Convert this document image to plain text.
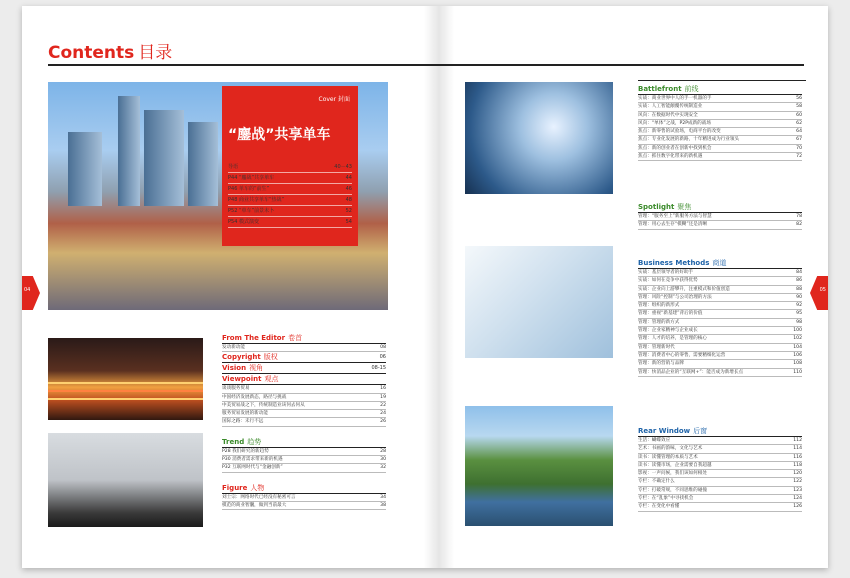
04	05
Contents 目录
Cover 封面
“鏖战”共享单车
导语	40－43
P44 “鏖战”共享单车	44
P46 单车的“前生”	46
P48 商业共享单车“热战”	48
P52 “单车”前景未卜	52
P54 模式演变	54
From The Editor 卷首
发动新动能	08
Copyright 版权	06
Vision 视角	08-15
Viewpoint 观点
谈谈服务贸易	16
中国经济发展新态，路径与挑战	19
中美贸易战之下，传统制造业该何去何从	22
服务贸易发展的新动能	24
国际之路：未行不远	26
Trend 趋势
P28 我们研究的新趋势	28
P30 消费者需求带来新的机遇	30
P32 互联网时代与“金融创新”	32
Figure 人物
刘士宗：网络时代已经没有秘密可言	34
模范的商业智囊，做到当前最大	38
Battlefront 前线
实战：商业世界中人的手一机器的手	56
实战：人工智能颠覆传统制造业	58
风向：在数据时代中实现安全	60
风向：“单体”之战，P2P成新的战场	62
焦点：新零售的试验场，电商平台的改变	64
焦点：专业化发展的新路，十年精进成为行业领头	67
焦点：新的创业者在创新中找到机会	70
焦点：抓住数字化带来的新机遇	72
Spotlight 聚焦
管理：“服务至上”新服务方法与智慧	78
管理：用心去生存“模糊”还是清晰	82
Business Methods 商道
实战：基层领导者的好助手	84
实战：如何在竞争中获得优势	86
实战：企业向上游攀升，注重模式和价值创造	88
管理：风险“控制”与公司治理的方法	90
管理：组织的新形式	92
管理：重视“新基建”背后的价值	95
管理：管理的新方式	98
管理：企业家精神与企业成长	100
管理：人才的培养，是管理的核心	102
管理：管理新时代	104
管理：消费者中心的零售，需要精细化运营	106
管理：新的营销与品牌	108
管理：快消品企业的“互联网+”：能否成为新增长点	110
Rear Window 后窗
生活：蝴蝶效应	112
艺术：书画的韵味，文化与艺术	114
读书：读懂管理的本质与艺术	116
读书：读懂市场，企业需要自我超越	118
影视：一声问候，我们该如何相处	120
专栏：不确定什么	122
专栏：打破常规，不同思维的碰撞	123
专栏：在“乱象”中寻找机会	124
专栏：在变化中看懂	126
